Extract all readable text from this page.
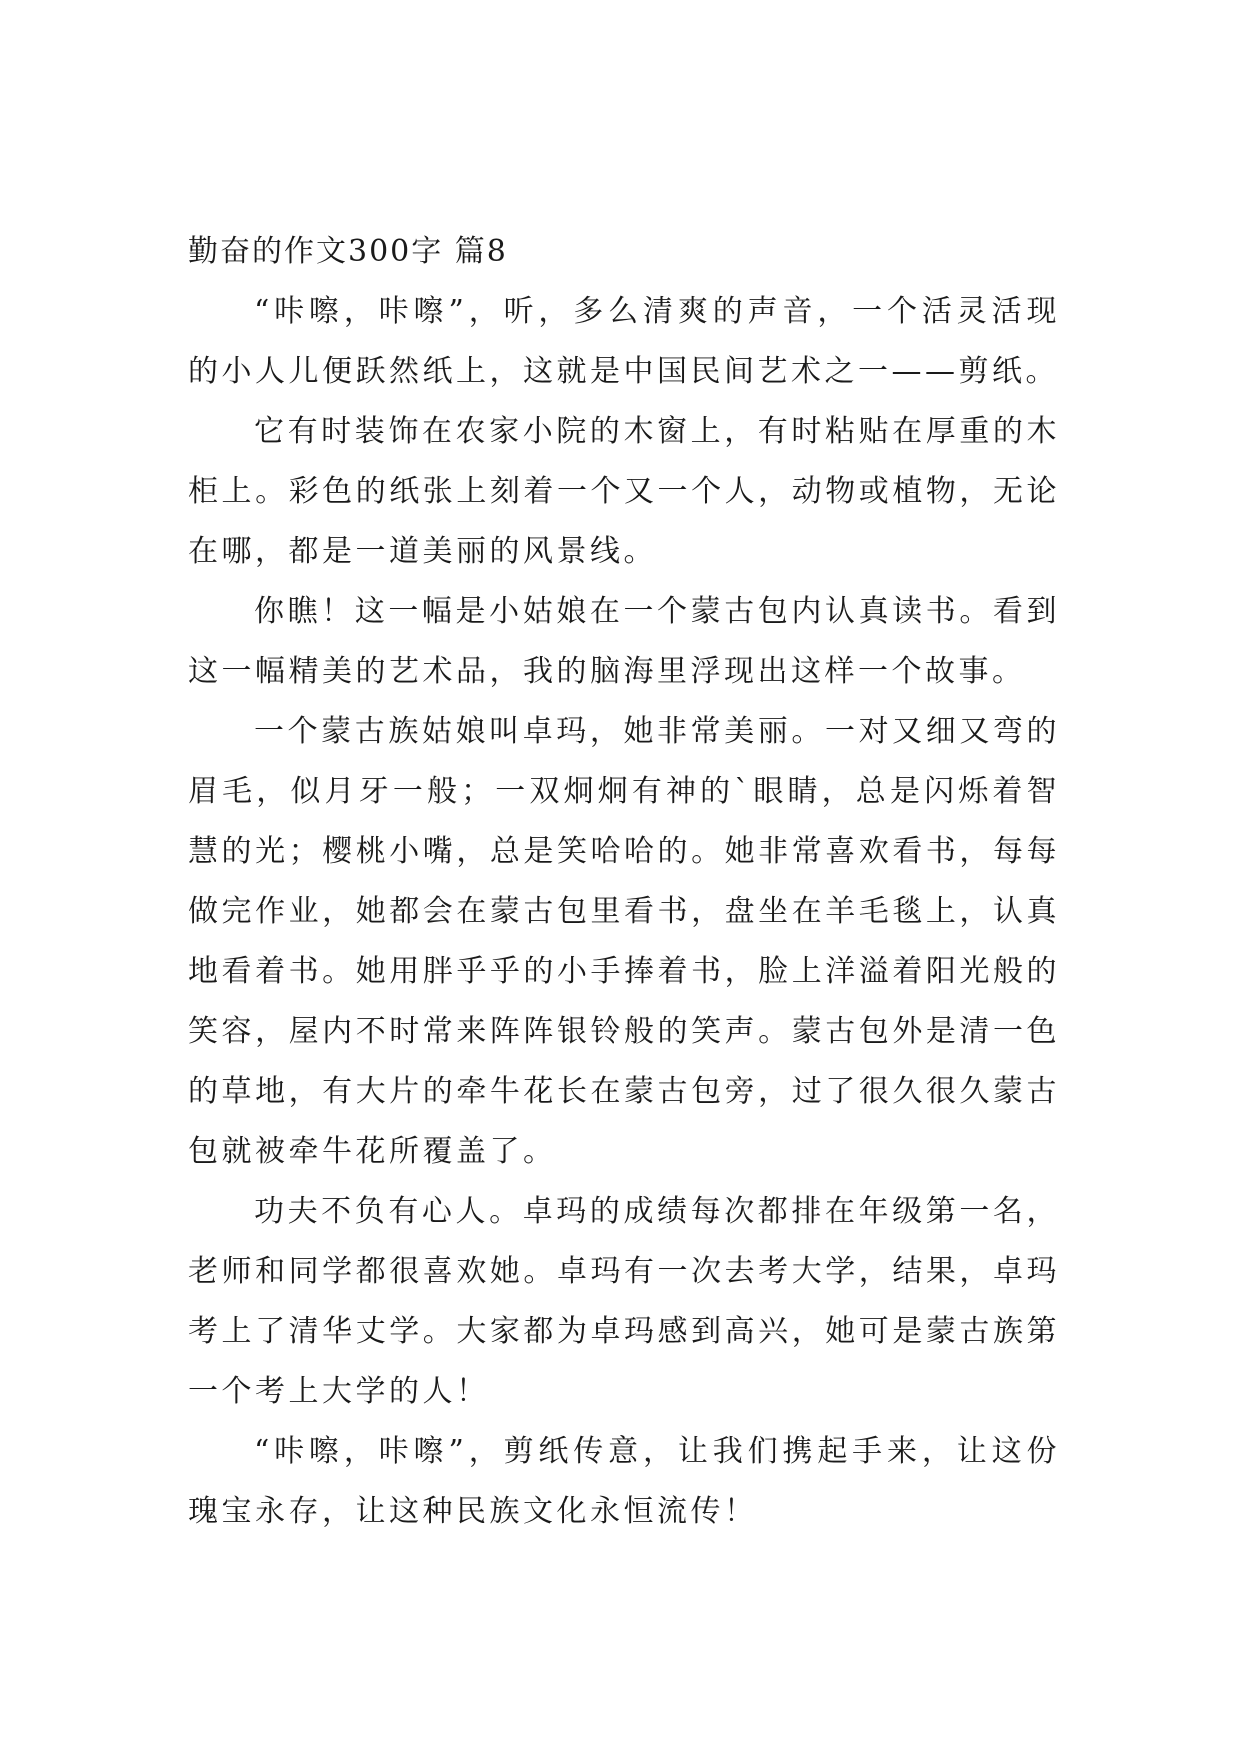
勤奋的作文300字 篇8

“咔嚓，咔嚓”，听，多么清爽的声音，一个活灵活现的小人儿便跃然纸上，这就是中国民间艺术之一——剪纸。

它有时装饰在农家小院的木窗上，有时粘贴在厚重的木柜上。彩色的纸张上刻着一个又一个人，动物或植物，无论在哪，都是一道美丽的风景线。

你瞧！这一幅是小姑娘在一个蒙古包内认真读书。看到这一幅精美的艺术品，我的脑海里浮现出这样一个故事。

一个蒙古族姑娘叫卓玛，她非常美丽。一对又细又弯的眉毛，似月牙一般；一双炯炯有神的`眼睛，总是闪烁着智慧的光；樱桃小嘴，总是笑哈哈的。她非常喜欢看书，每每做完作业，她都会在蒙古包里看书，盘坐在羊毛毯上，认真地看着书。她用胖乎乎的小手捧着书，脸上洋溢着阳光般的笑容，屋内不时常来阵阵银铃般的笑声。蒙古包外是清一色的草地，有大片的牵牛花长在蒙古包旁，过了很久很久蒙古包就被牵牛花所覆盖了。

功夫不负有心人。卓玛的成绩每次都排在年级第一名，老师和同学都很喜欢她。卓玛有一次去考大学，结果，卓玛考上了清华丈学。大家都为卓玛感到高兴，她可是蒙古族第一个考上大学的人！

“咔嚓，咔嚓”，剪纸传意，让我们携起手来，让这份瑰宝永存，让这种民族文化永恒流传！
